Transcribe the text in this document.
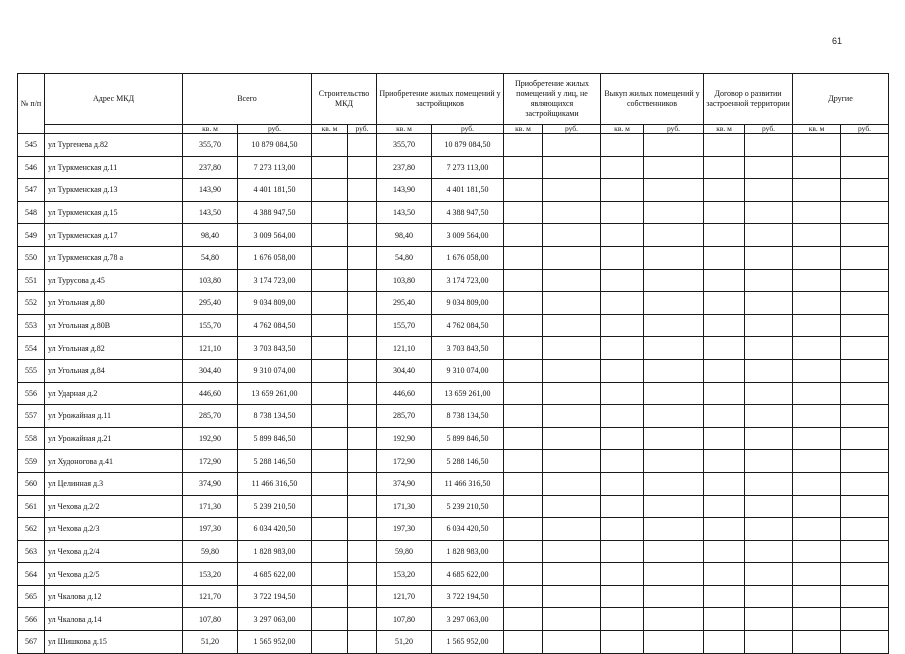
61
№ п/п	Адрес МКД	Всего		Строительство МКД		Приобретение жилых помещений у застройщиков		Приобретение жилых помещений у лиц, не являющихся застройщиками		Выкуп жилых помещений у собственников		Договор о развитии застроенной территории		Другие	
		кв. м	руб.	кв. м	руб.	кв. м	руб.	кв. м	руб.	кв. м	руб.	кв. м	руб.	кв. м	руб.
545	ул Тургенева д.82	355,70	10 879 084,50			355,70	10 879 084,50								
546	ул Туркменская д.11	237,80	7 273 113,00			237,80	7 273 113,00								
547	ул Туркменская д.13	143,90	4 401 181,50			143,90	4 401 181,50								
548	ул Туркменская д.15	143,50	4 388 947,50			143,50	4 388 947,50								
549	ул Туркменская д.17	98,40	3 009 564,00			98,40	3 009 564,00								
550	ул Туркменская д.78 а	54,80	1 676 058,00			54,80	1 676 058,00								
551	ул Турусова д.45	103,80	3 174 723,00			103,80	3 174 723,00								
552	ул Угольная д.80	295,40	9 034 809,00			295,40	9 034 809,00								
553	ул Угольная д.80В	155,70	4 762 084,50			155,70	4 762 084,50								
554	ул Угольная д.82	121,10	3 703 843,50			121,10	3 703 843,50								
555	ул Угольная д.84	304,40	9 310 074,00			304,40	9 310 074,00								
556	ул Ударная д.2	446,60	13 659 261,00			446,60	13 659 261,00								
557	ул Урожайная д.11	285,70	8 738 134,50			285,70	8 738 134,50								
558	ул Урожайная д.21	192,90	5 899 846,50			192,90	5 899 846,50								
559	ул Худоногова д.41	172,90	5 288 146,50			172,90	5 288 146,50								
560	ул Целинная д.3	374,90	11 466 316,50			374,90	11 466 316,50								
561	ул Чехова д.2/2	171,30	5 239 210,50			171,30	5 239 210,50								
562	ул Чехова д.2/3	197,30	6 034 420,50			197,30	6 034 420,50								
563	ул Чехова д.2/4	59,80	1 828 983,00			59,80	1 828 983,00								
564	ул Чехова д.2/5	153,20	4 685 622,00			153,20	4 685 622,00								
565	ул Чкалова д.12	121,70	3 722 194,50			121,70	3 722 194,50								
566	ул Чкалова д.14	107,80	3 297 063,00			107,80	3 297 063,00								
567	ул Шишкова д.15	51,20	1 565 952,00			51,20	1 565 952,00								
